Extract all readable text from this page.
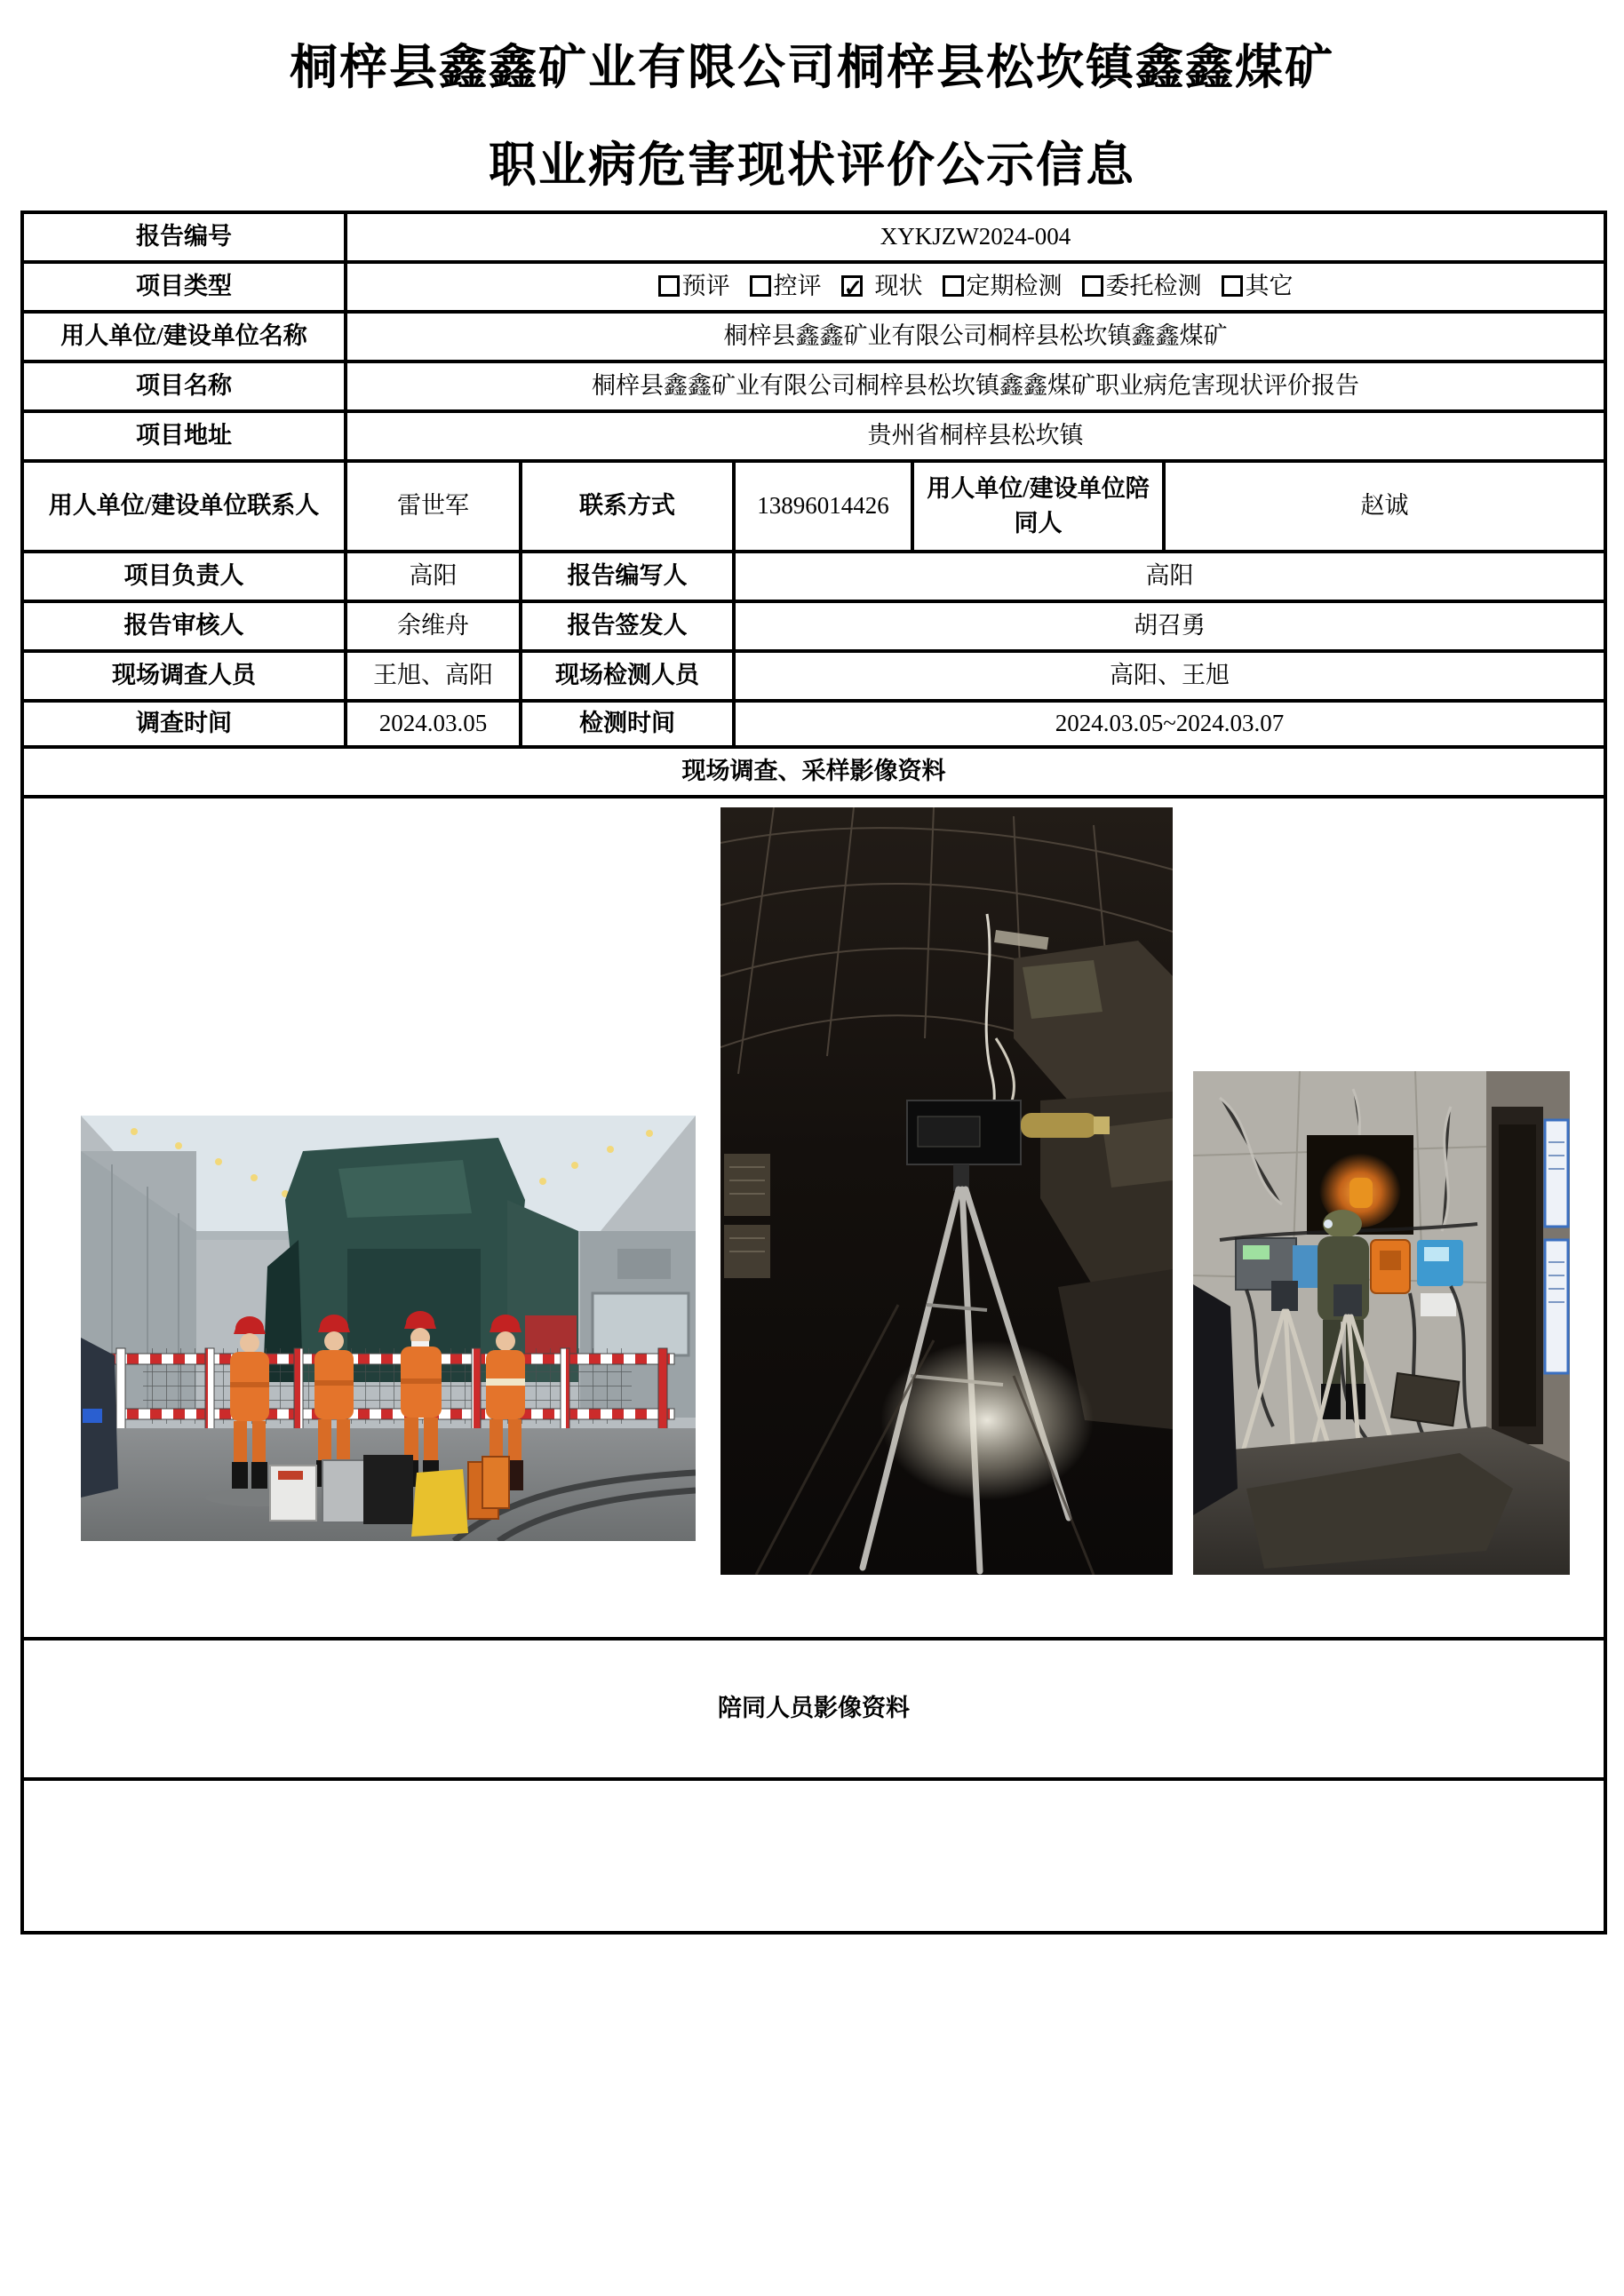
桐梓县鑫鑫矿业有限公司桐梓县松坎镇鑫鑫煤矿
职业病危害现状评价公示信息
报告编号	XYKJZW2024-004				
项目类型	预评 控评 ✓ 现状 定期检测 委托检测 其它
用人单位/建设单位名称	桐梓县鑫鑫矿业有限公司桐梓县松坎镇鑫鑫煤矿				
项目名称	桐梓县鑫鑫矿业有限公司桐梓县松坎镇鑫鑫煤矿职业病危害现状评价报告				
项目地址	贵州省桐梓县松坎镇				
用人单位/建设单位联系人	雷世军	联系方式	13896014426	用人单位/建设单位陪同人	赵诚
项目负责人	高阳	报告编写人	高阳		
报告审核人	余维舟	报告签发人	胡召勇		
现场调查人员	王旭、高阳	现场检测人员	高阳、王旭		
调查时间	2024.03.05	检测时间	2024.03.05~2024.03.07		
现场调查、采样影像资料					

陪同人员影像资料					
